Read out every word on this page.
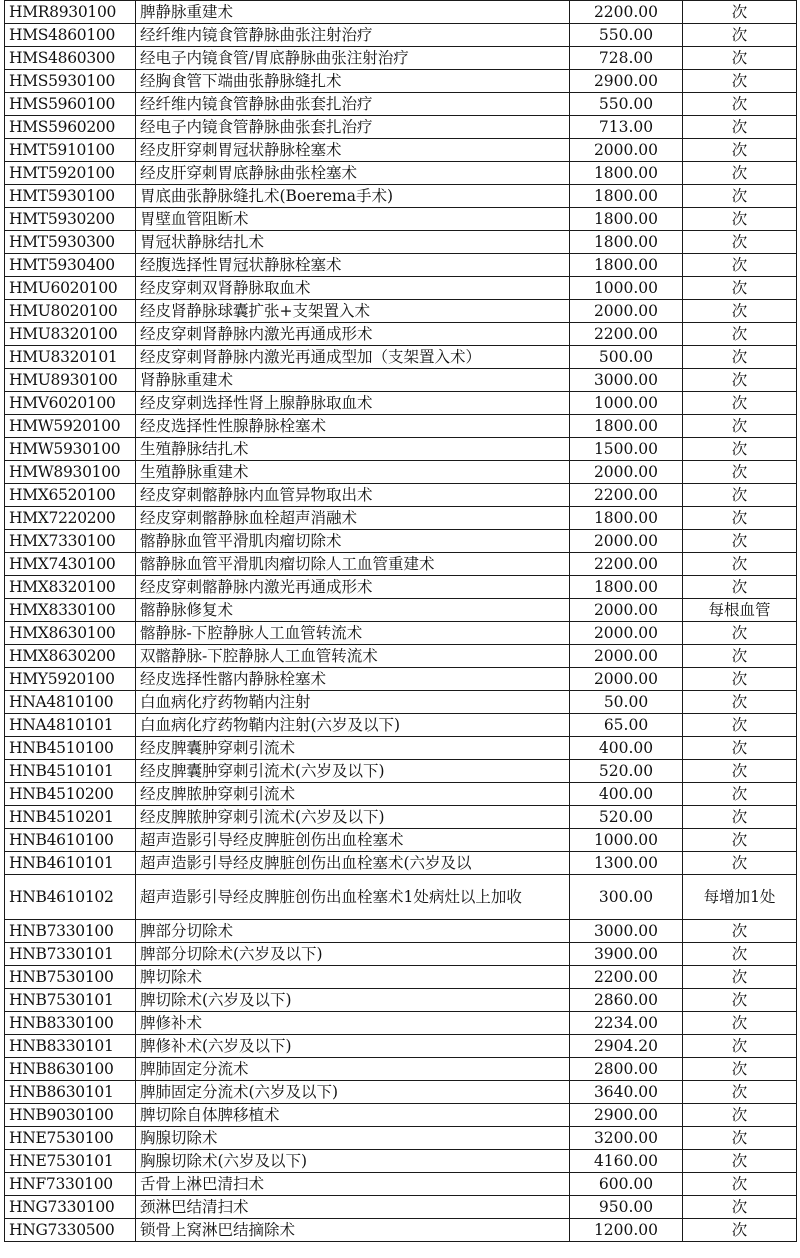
HMR8930100	脾静脉重建术	2200.00	次
HMS4860100	经纤维内镜食管静脉曲张注射治疗	550.00	次
HMS4860300	经电子内镜食管/胃底静脉曲张注射治疗	728.00	次
HMS5930100	经胸食管下端曲张静脉缝扎术	2900.00	次
HMS5960100	经纤维内镜食管静脉曲张套扎治疗	550.00	次
HMS5960200	经电子内镜食管静脉曲张套扎治疗	713.00	次
HMT5910100	经皮肝穿刺胃冠状静脉栓塞术	2000.00	次
HMT5920100	经皮肝穿刺胃底静脉曲张栓塞术	1800.00	次
HMT5930100	胃底曲张静脉缝扎术(Boerema手术)	1800.00	次
HMT5930200	胃壁血管阻断术	1800.00	次
HMT5930300	胃冠状静脉结扎术	1800.00	次
HMT5930400	经腹选择性胃冠状静脉栓塞术	1800.00	次
HMU6020100	经皮穿刺双肾静脉取血术	1000.00	次
HMU8020100	经皮肾静脉球囊扩张+支架置入术	2000.00	次
HMU8320100	经皮穿刺肾静脉内激光再通成形术	2200.00	次
HMU8320101	经皮穿刺肾静脉内激光再通成型加（支架置入术）	500.00	次
HMU8930100	肾静脉重建术	3000.00	次
HMV6020100	经皮穿刺选择性肾上腺静脉取血术	1000.00	次
HMW5920100	经皮选择性性腺静脉栓塞术	1800.00	次
HMW5930100	生殖静脉结扎术	1500.00	次
HMW8930100	生殖静脉重建术	2000.00	次
HMX6520100	经皮穿刺髂静脉内血管异物取出术	2200.00	次
HMX7220200	经皮穿刺髂静脉血栓超声消融术	1800.00	次
HMX7330100	髂静脉血管平滑肌肉瘤切除术	2000.00	次
HMX7430100	髂静脉血管平滑肌肉瘤切除人工血管重建术	2200.00	次
HMX8320100	经皮穿刺髂静脉内激光再通成形术	1800.00	次
HMX8330100	髂静脉修复术	2000.00	每根血管
HMX8630100	髂静脉-下腔静脉人工血管转流术	2000.00	次
HMX8630200	双髂静脉-下腔静脉人工血管转流术	2000.00	次
HMY5920100	经皮选择性髂内静脉栓塞术	2000.00	次
HNA4810100	白血病化疗药物鞘内注射	50.00	次
HNA4810101	白血病化疗药物鞘内注射(六岁及以下)	65.00	次
HNB4510100	经皮脾囊肿穿刺引流术	400.00	次
HNB4510101	经皮脾囊肿穿刺引流术(六岁及以下)	520.00	次
HNB4510200	经皮脾脓肿穿刺引流术	400.00	次
HNB4510201	经皮脾脓肿穿刺引流术(六岁及以下)	520.00	次
HNB4610100	超声造影引导经皮脾脏创伤出血栓塞术	1000.00	次
HNB4610101	超声造影引导经皮脾脏创伤出血栓塞术(六岁及以	1300.00	次
HNB4610102	超声造影引导经皮脾脏创伤出血栓塞术1处病灶以上加收	300.00	每增加1处
HNB7330100	脾部分切除术	3000.00	次
HNB7330101	脾部分切除术(六岁及以下)	3900.00	次
HNB7530100	脾切除术	2200.00	次
HNB7530101	脾切除术(六岁及以下)	2860.00	次
HNB8330100	脾修补术	2234.00	次
HNB8330101	脾修补术(六岁及以下)	2904.20	次
HNB8630100	脾肺固定分流术	2800.00	次
HNB8630101	脾肺固定分流术(六岁及以下)	3640.00	次
HNB9030100	脾切除自体脾移植术	2900.00	次
HNE7530100	胸腺切除术	3200.00	次
HNE7530101	胸腺切除术(六岁及以下)	4160.00	次
HNF7330100	舌骨上淋巴清扫术	600.00	次
HNG7330100	颈淋巴结清扫术	950.00	次
HNG7330500	锁骨上窝淋巴结摘除术	1200.00	次
